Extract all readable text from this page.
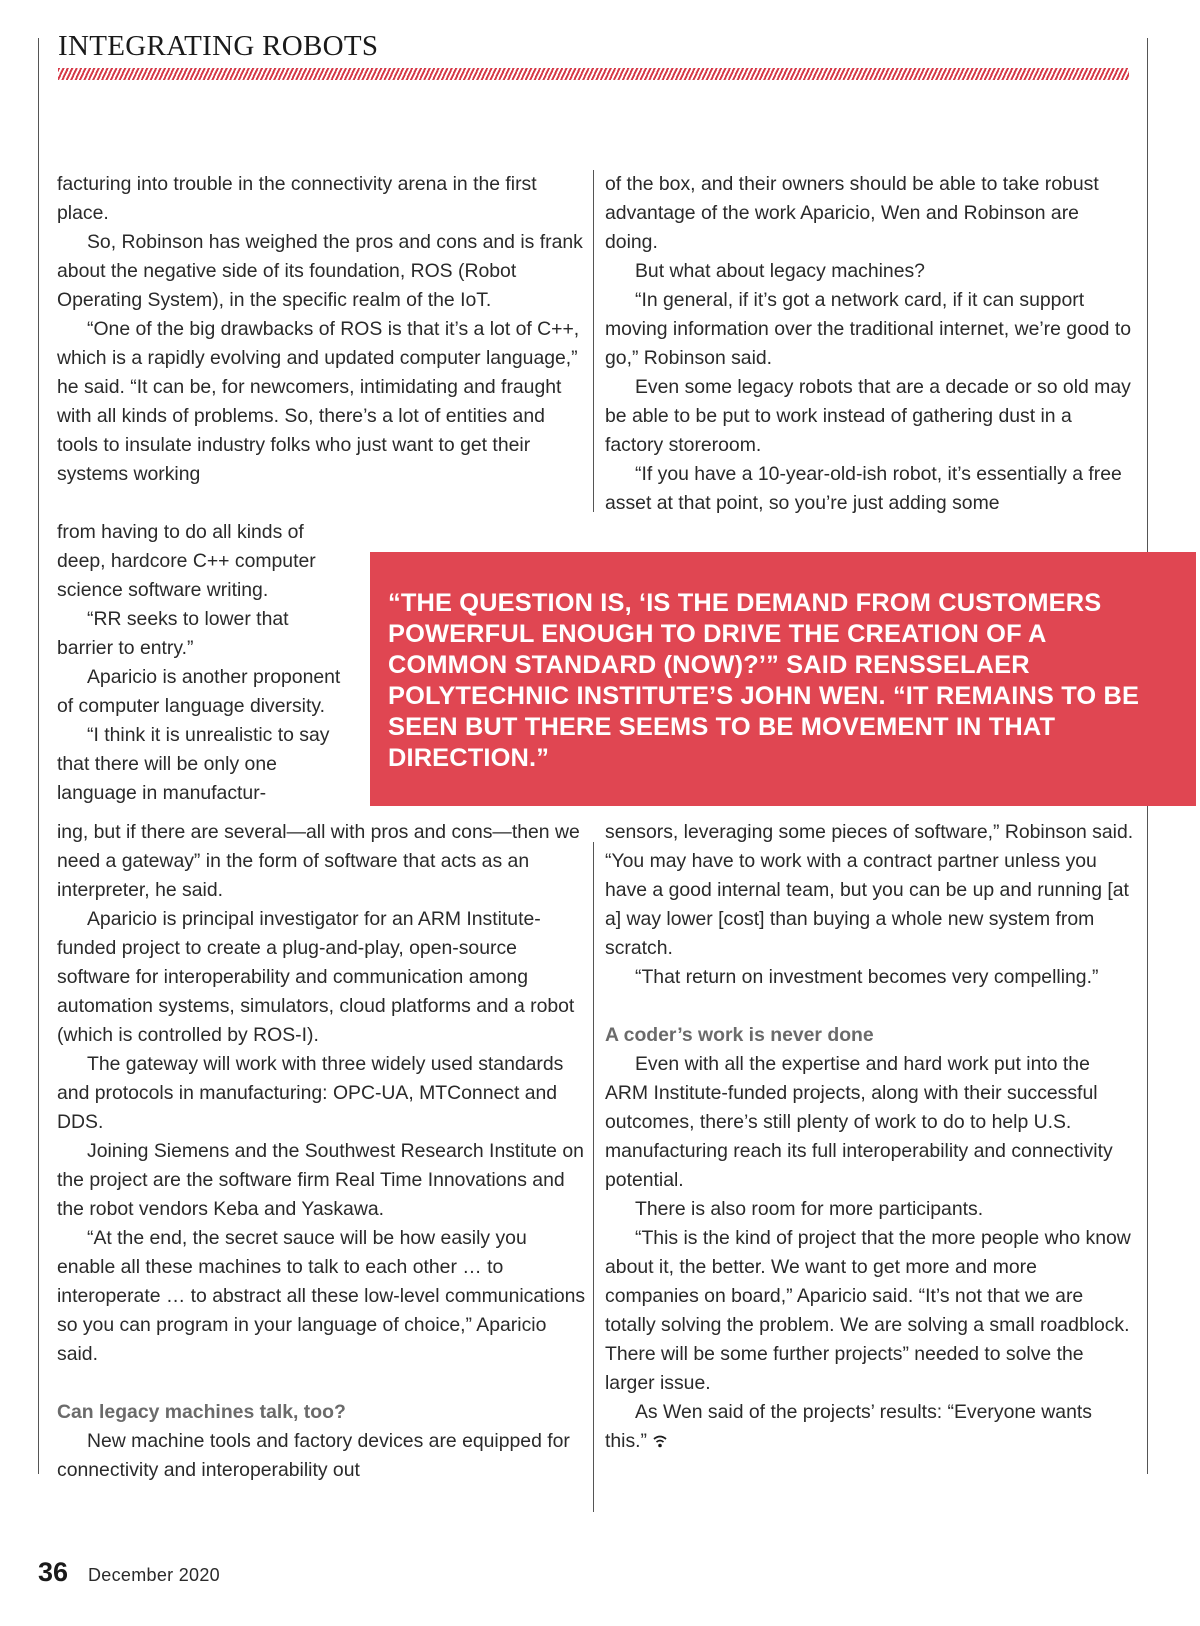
INTEGRATING ROBOTS

facturing into trouble in the connectivity arena in the first place.

So, Robinson has weighed the pros and cons and is frank about the negative side of its foundation, ROS (Robot Operating System), in the specific realm of the IoT.

“One of the big drawbacks of ROS is that it’s a lot of C++, which is a rapidly evolving and updated computer language,” he said. “It can be, for newcomers, intimidating and fraught with all kinds of problems. So, there’s a lot of entities and tools to insulate industry folks who just want to get their systems working

from having to do all kinds of deep, hardcore C++ computer science software writing.

“RR seeks to lower that barrier to entry.”

Aparicio is another proponent of computer language diversity.

“I think it is unrealistic to say that there will be only one language in manufactur-

ing, but if there are several—all with pros and cons—then we need a gateway” in the form of software that acts as an interpreter, he said.

Aparicio is principal investigator for an ARM Institute-funded project to create a plug-and-play, open-source software for interoperability and communication among automation systems, simulators, cloud platforms and a robot (which is controlled by ROS-I).

The gateway will work with three widely used standards and protocols in manufacturing: OPC-UA, MTConnect and DDS.

Joining Siemens and the Southwest Research Institute on the project are the software firm Real Time Innovations and the robot vendors Keba and Yaskawa.

“At the end, the secret sauce will be how easily you enable all these machines to talk to each other … to interoperate … to abstract all these low-level communications so you can program in your language of choice,” Aparicio said.

Can legacy machines talk, too?

New machine tools and factory devices are equipped for connectivity and interoperability out

of the box, and their owners should be able to take robust advantage of the work Aparicio, Wen and Robinson are doing.

But what about legacy machines?

“In general, if it’s got a network card, if it can support moving information over the traditional internet, we’re good to go,” Robinson said.

Even some legacy robots that are a decade or so old may be able to be put to work instead of gathering dust in a factory storeroom.

“If you have a 10-year-old-ish robot, it’s essentially a free asset at that point, so you’re just adding some

“THE QUESTION IS, ‘IS THE DEMAND FROM CUSTOMERS POWERFUL ENOUGH TO DRIVE THE CREATION OF A COMMON STANDARD (NOW)?’” SAID RENSSELAER POLYTECHNIC INSTITUTE’S JOHN WEN. “IT REMAINS TO BE SEEN BUT THERE SEEMS TO BE MOVEMENT IN THAT DIRECTION.”

sensors, leveraging some pieces of software,” Robinson said. “You may have to work with a contract partner unless you have a good internal team, but you can be up and running [at a] way lower [cost] than buying a whole new system from scratch.

“That return on investment becomes very compelling.”

A coder’s work is never done

Even with all the expertise and hard work put into the ARM Institute-funded projects, along with their successful outcomes, there’s still plenty of work to do to help U.S. manufacturing reach its full interoperability and connectivity potential.

There is also room for more participants.

“This is the kind of project that the more people who know about it, the better. We want to get more and more companies on board,” Aparicio said. “It’s not that we are totally solving the problem. We are solving a small roadblock. There will be some further projects” needed to solve the larger issue.

As Wen said of the projects’ results: “Everyone wants this.”

36 December 2020
